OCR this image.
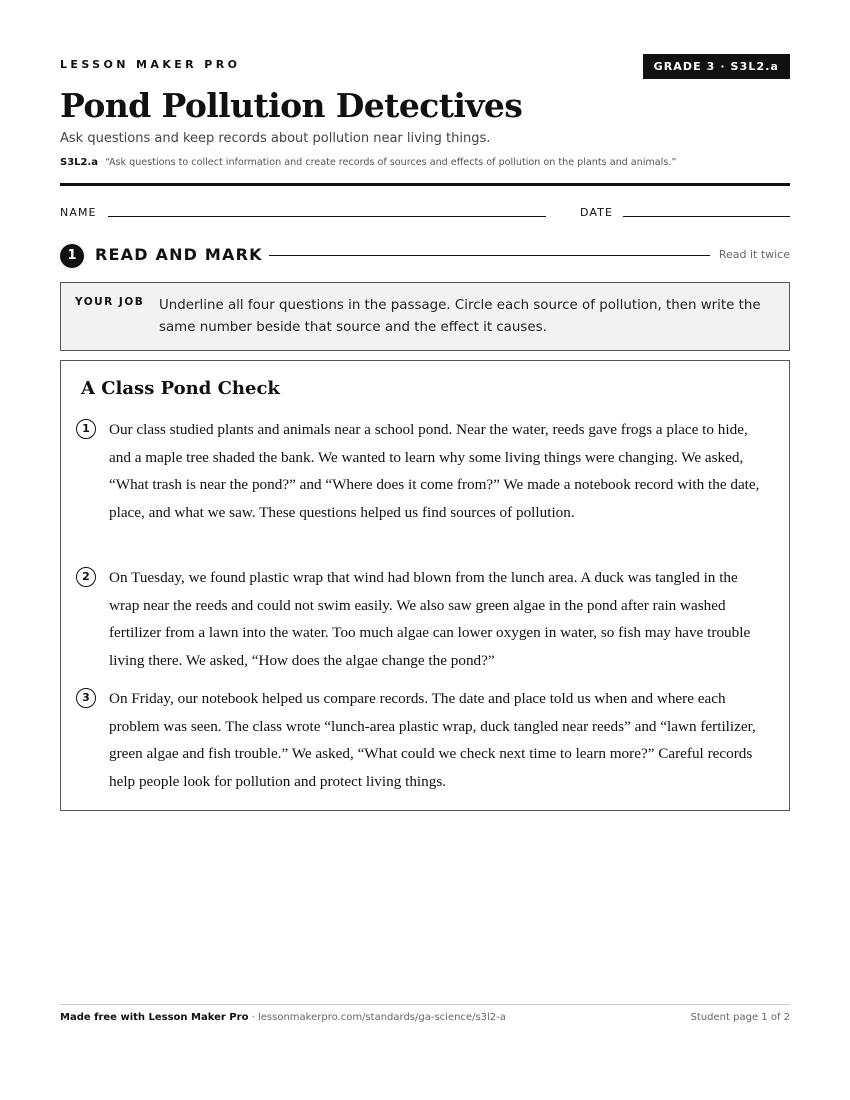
LESSON MAKER PRO	GRADE 3 · S3L2.a
Pond Pollution Detectives
Ask questions and keep records about pollution near living things.
S3L2.a “Ask questions to collect information and create records of sources and effects of pollution on the plants and animals.”
NAME	DATE
1	READ AND MARK	Read it twice
YOUR JOB Underline all four questions in the passage. Circle each source of pollution, then write the same number beside that source and the effect it causes.
A Class Pond Check
1	Our class studied plants and animals near a school pond. Near the water, reeds gave frogs a place to hide, and a maple tree shaded the bank. We wanted to learn why some living things were changing. We asked, “What trash is near the pond?” and “Where does it come from?” We made a notebook record with the date, place, and what we saw. These questions helped us find sources of pollution.

2	On Tuesday, we found plastic wrap that wind had blown from the lunch area. A duck was tangled in the wrap near the reeds and could not swim easily. We also saw green algae in the pond after rain washed fertilizer from a lawn into the water. Too much algae can lower oxygen in water, so fish may have trouble living there. We asked, “How does the algae change the pond?”

3	On Friday, our notebook helped us compare records. The date and place told us when and where each problem was seen. The class wrote “lunch-area plastic wrap, duck tangled near reeds” and “lawn fertilizer, green algae and fish trouble.” We asked, “What could we check next time to learn more?” Careful records help people look for pollution and protect living things.

Made free with Lesson Maker Pro · lessonmakerpro.com/standards/ga-science/s3l2-a	Student page 1 of 2
